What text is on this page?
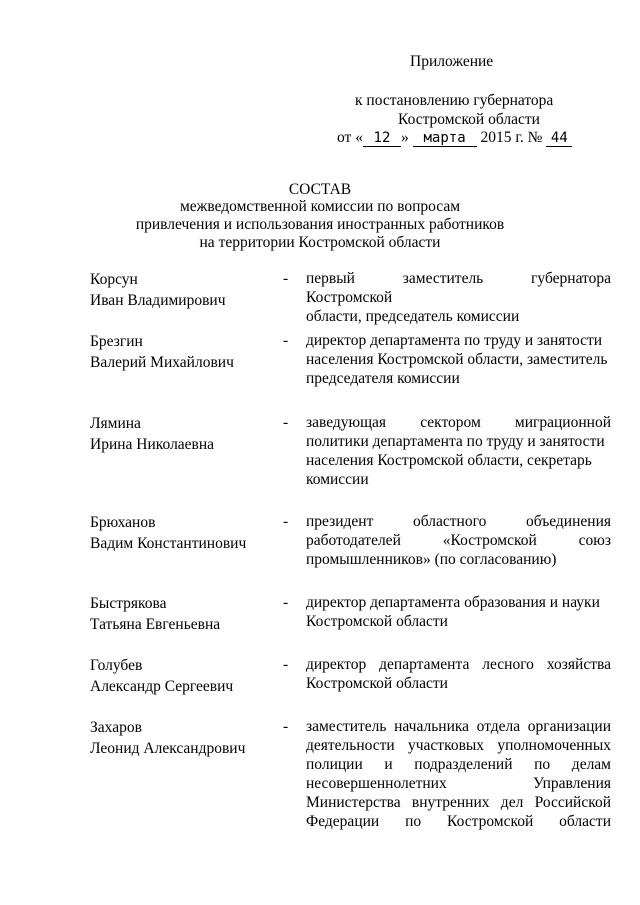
Приложение
к постановлению губернатора
Костромской области
от « 12 » марта 2015 г. № 44
СОСТАВ
межведомственной комиссии по вопросам
привлечения и использования иностранных работников
на территории Костромской области
Корсун
Иван Владимирович
- первый заместитель губернатора Костромской
области, председатель комиссии
Брезгин
Валерий Михайлович
- директор департамента по труду и занятости
населения Костромской области, заместитель
председателя комиссии
Лямина
Ирина Николаевна
- заведующая сектором миграционной
политики департамента по труду и занятости
населения Костромской области, секретарь
комиссии
Брюханов
Вадим Константинович
- президент областного объединения
работодателей «Костромской союз
промышленников» (по согласованию)
Быстрякова
Татьяна Евгеньевна
- директор департамента образования и науки
Костромской области
Голубев
Александр Сергеевич
- директор департамента лесного хозяйства
Костромской области
Захаров
Леонид Александрович
- заместитель начальника отдела организации
деятельности участковых уполномоченных
полиции и подразделений по делам
несовершеннолетних Управления
Министерства внутренних дел Российской
Федерации по Костромской области
